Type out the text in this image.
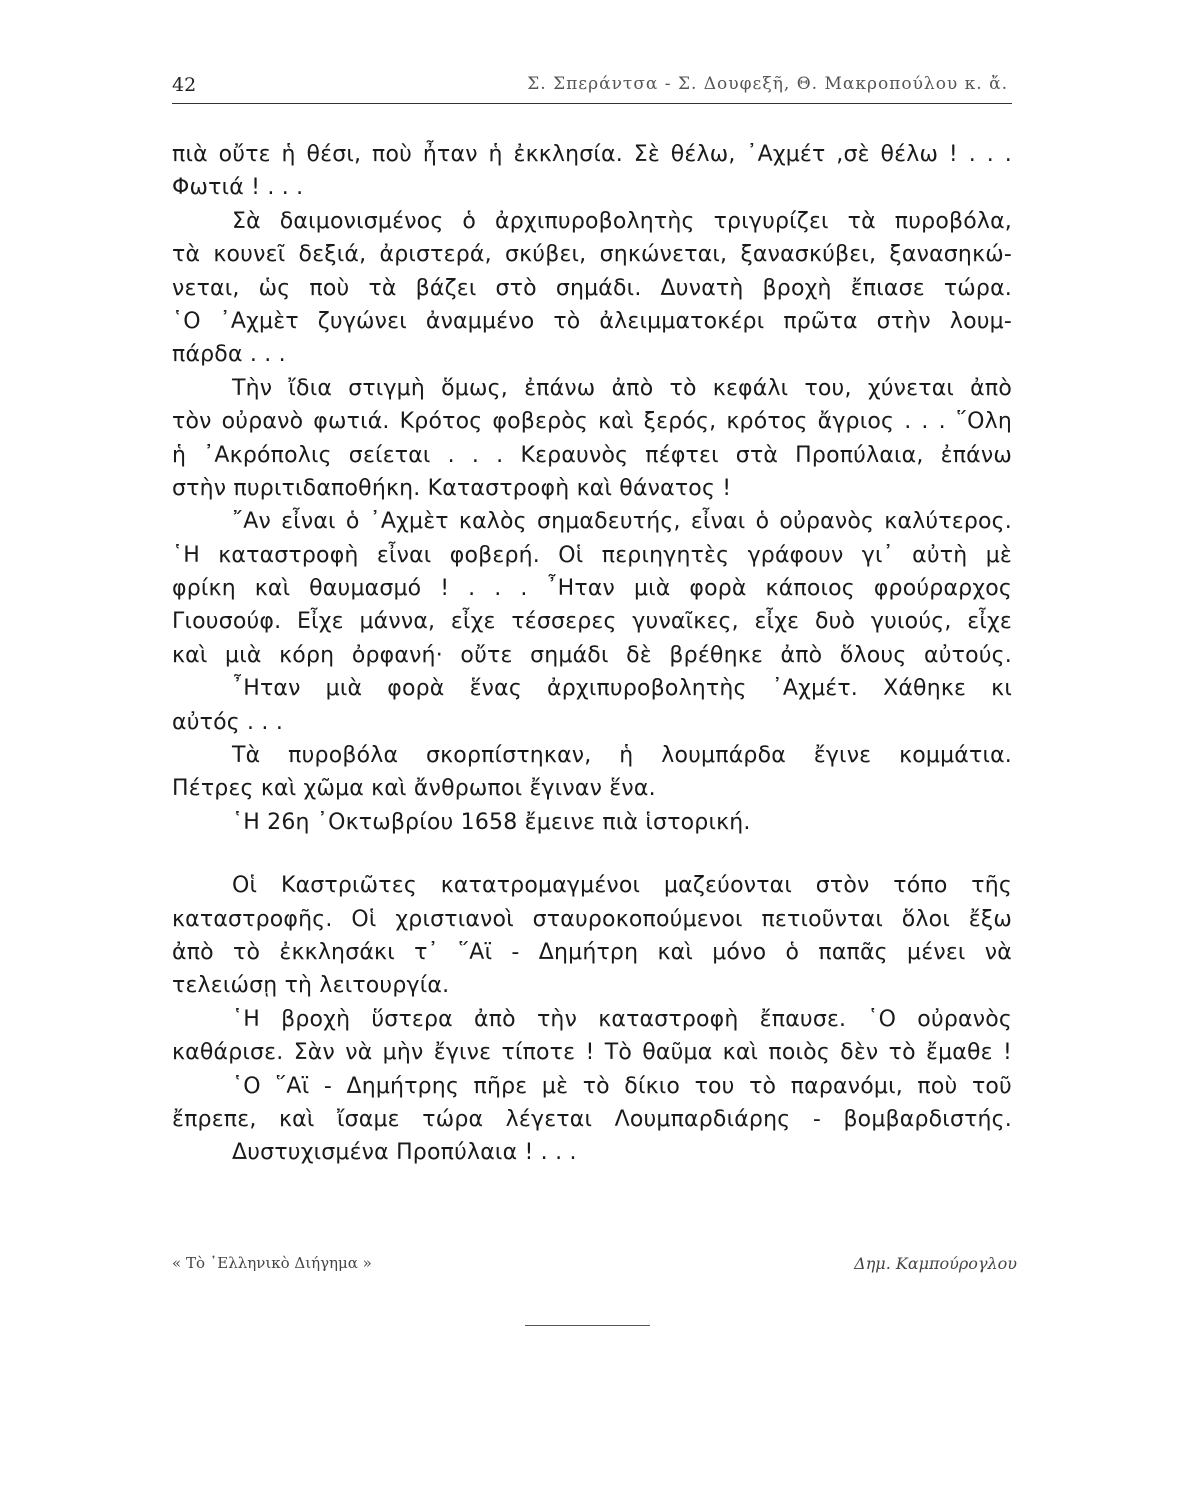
42	Σ. Σπεράντσα - Σ. Δουφεξῆ, Θ. Μακροπούλου κ. ἄ.
πιὰ οὔτε ἡ θέσι, ποὺ ἦταν ἡ ἐκκλησία. Σὲ θέλω, ᾿Αχμέτ ,σὲ θέλω ! . . .
Φωτιά ! . . .
Σὰ δαιμονισμένος ὁ ἀρχιπυροβολητὴς τριγυρίζει τὰ πυροβόλα,
τὰ κουνεῖ δεξιά, ἀριστερά, σκύβει, σηκώνεται, ξανασκύβει, ξανασηκώ-
νεται, ὡς ποὺ τὰ βάζει στὸ σημάδι. Δυνατὴ βροχὴ ἔπιασε τώρα.
῾Ο ᾿Αχμὲτ ζυγώνει ἀναμμένο τὸ ἀλειμματοκέρι πρῶτα στὴν λουμ-
πάρδα . . .
Τὴν ἴδια στιγμὴ ὅμως, ἐπάνω ἀπὸ τὸ κεφάλι του, χύνεται ἀπὸ
τὸν οὐρανὸ φωτιά. Κρότος φοβερὸς καὶ ξερός, κρότος ἄγριος . . . ῞Ολη
ἡ ᾿Ακρόπολις σείεται . . . Κεραυνὸς πέφτει στὰ Προπύλαια, ἐπάνω
στὴν πυριτιδαποθήκη. Καταστροφὴ καὶ θάνατος !
῎Αν εἶναι ὁ ᾿Αχμὲτ καλὸς σημαδευτής, εἶναι ὁ οὐρανὸς καλύτερος.
῾Η καταστροφὴ εἶναι φοβερή. Οἱ περιηγητὲς γράφουν γι᾿ αὐτὴ μὲ
φρίκη καὶ θαυμασμό ! . . . ῏Ηταν μιὰ φορὰ κάποιος φρούραρχος
Γιουσούφ. Εἶχε μάννα, εἶχε τέσσερες γυναῖκες, εἶχε δυὸ γυιούς, εἶχε
καὶ μιὰ κόρη ὀρφανή· οὔτε σημάδι δὲ βρέθηκε ἀπὸ ὅλους αὐτούς.
῏Ηταν μιὰ φορὰ ἕνας ἀρχιπυροβολητὴς ᾿Αχμέτ. Χάθηκε κι
αὐτός . . .
Τὰ πυροβόλα σκορπίστηκαν, ἡ λουμπάρδα ἔγινε κομμάτια.
Πέτρες καὶ χῶμα καὶ ἄνθρωποι ἔγιναν ἕνα.
῾Η 26η ᾿Οκτωβρίου 1658 ἔμεινε πιὰ ἱστορική.
Οἱ Καστριῶτες κατατρομαγμένοι μαζεύονται στὸν τόπο τῆς
καταστροφῆς. Οἱ χριστιανοὶ σταυροκοπούμενοι πετιοῦνται ὅλοι ἔξω
ἀπὸ τὸ ἐκκλησάκι τ᾿ ῞Αϊ - Δημήτρη καὶ μόνο ὁ παπᾶς μένει νὰ
τελειώσῃ τὴ λειτουργία.
῾Η βροχὴ ὕστερα ἀπὸ τὴν καταστροφὴ ἔπαυσε. ῾Ο οὐρανὸς
καθάρισε. Σὰν νὰ μὴν ἔγινε τίποτε ! Τὸ θαῦμα καὶ ποιὸς δὲν τὸ ἔμαθε !
῾Ο ῞Αϊ - Δημήτρης πῆρε μὲ τὸ δίκιο του τὸ παρανόμι, ποὺ τοῦ
ἔπρεπε, καὶ ἴσαμε τώρα λέγεται Λουμπαρδιάρης - βομβαρδιστής.
Δυστυχισμένα Προπύλαια ! . . .
« Τὸ ῾Ελληνικὸ Διήγημα »	Δημ. Καμπούρογλου
